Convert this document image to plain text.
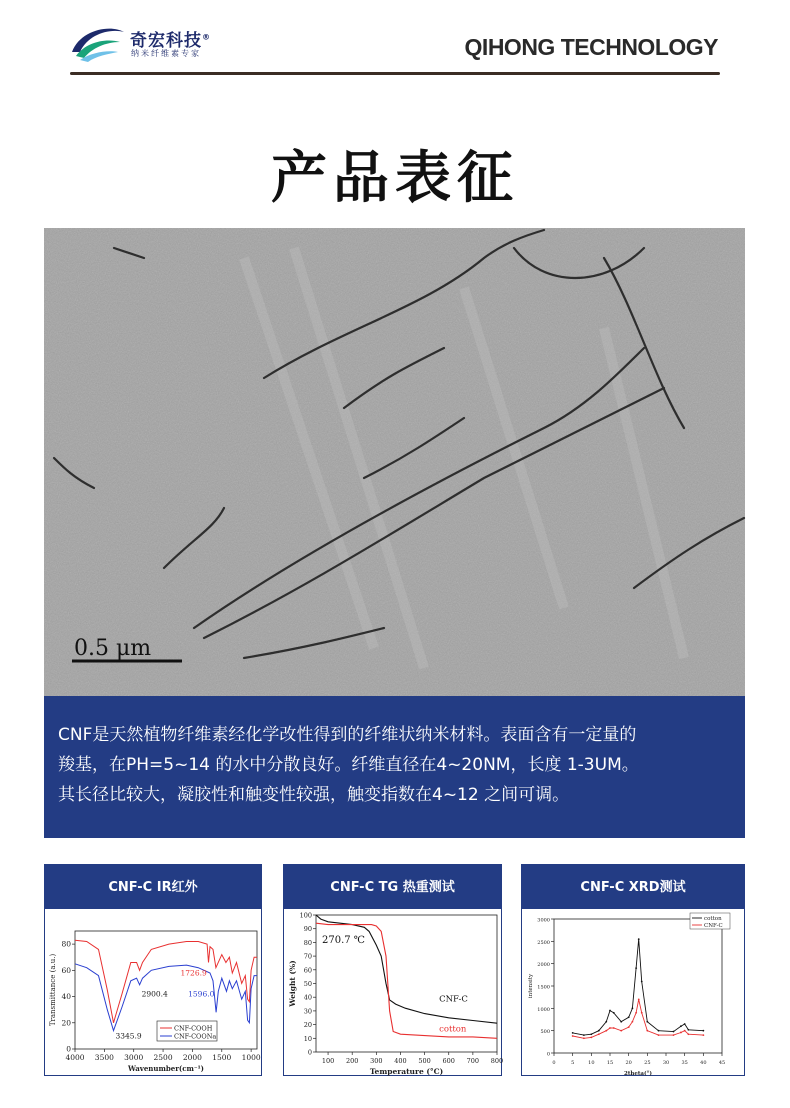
奇宏科技®
纳米纤维素专家	QIHONG TECHNOLOGY
产品表征
0.5 μm
CNF是天然植物纤维素经化学改性得到的纤维状纳米材料。表面含有一定量的
羧基，在PH=5~14 的水中分散良好。纤维直径在4~20NM，长度 1-3UM。
其长径比较大，凝胶性和触变性较强，触变指数在4~12 之间可调。
CNF-C IR红外
4000 3500 3000 2500 2000 1500 1000
0
20
40
60
80
Wavenumber(cm⁻¹)
Transmittance (a.u.)
3345.9
2900.4
1726.9
1596.0
CNF-COOH
CNF-COONa
CNF-C TG 热重测试
100 200 300 400 500 600 700 800
0
10
20
30
40
50
60
70
80
90
100
Temperature (°C)
Weight (%)
270.7 ℃
CNF-C
cotton
CNF-C XRD测试
0	5	10 15 20 25 30 35 40 45
0
500
1000
1500
2000
2500
3000
2theta(°)
intensity
cotton
CNF-C
